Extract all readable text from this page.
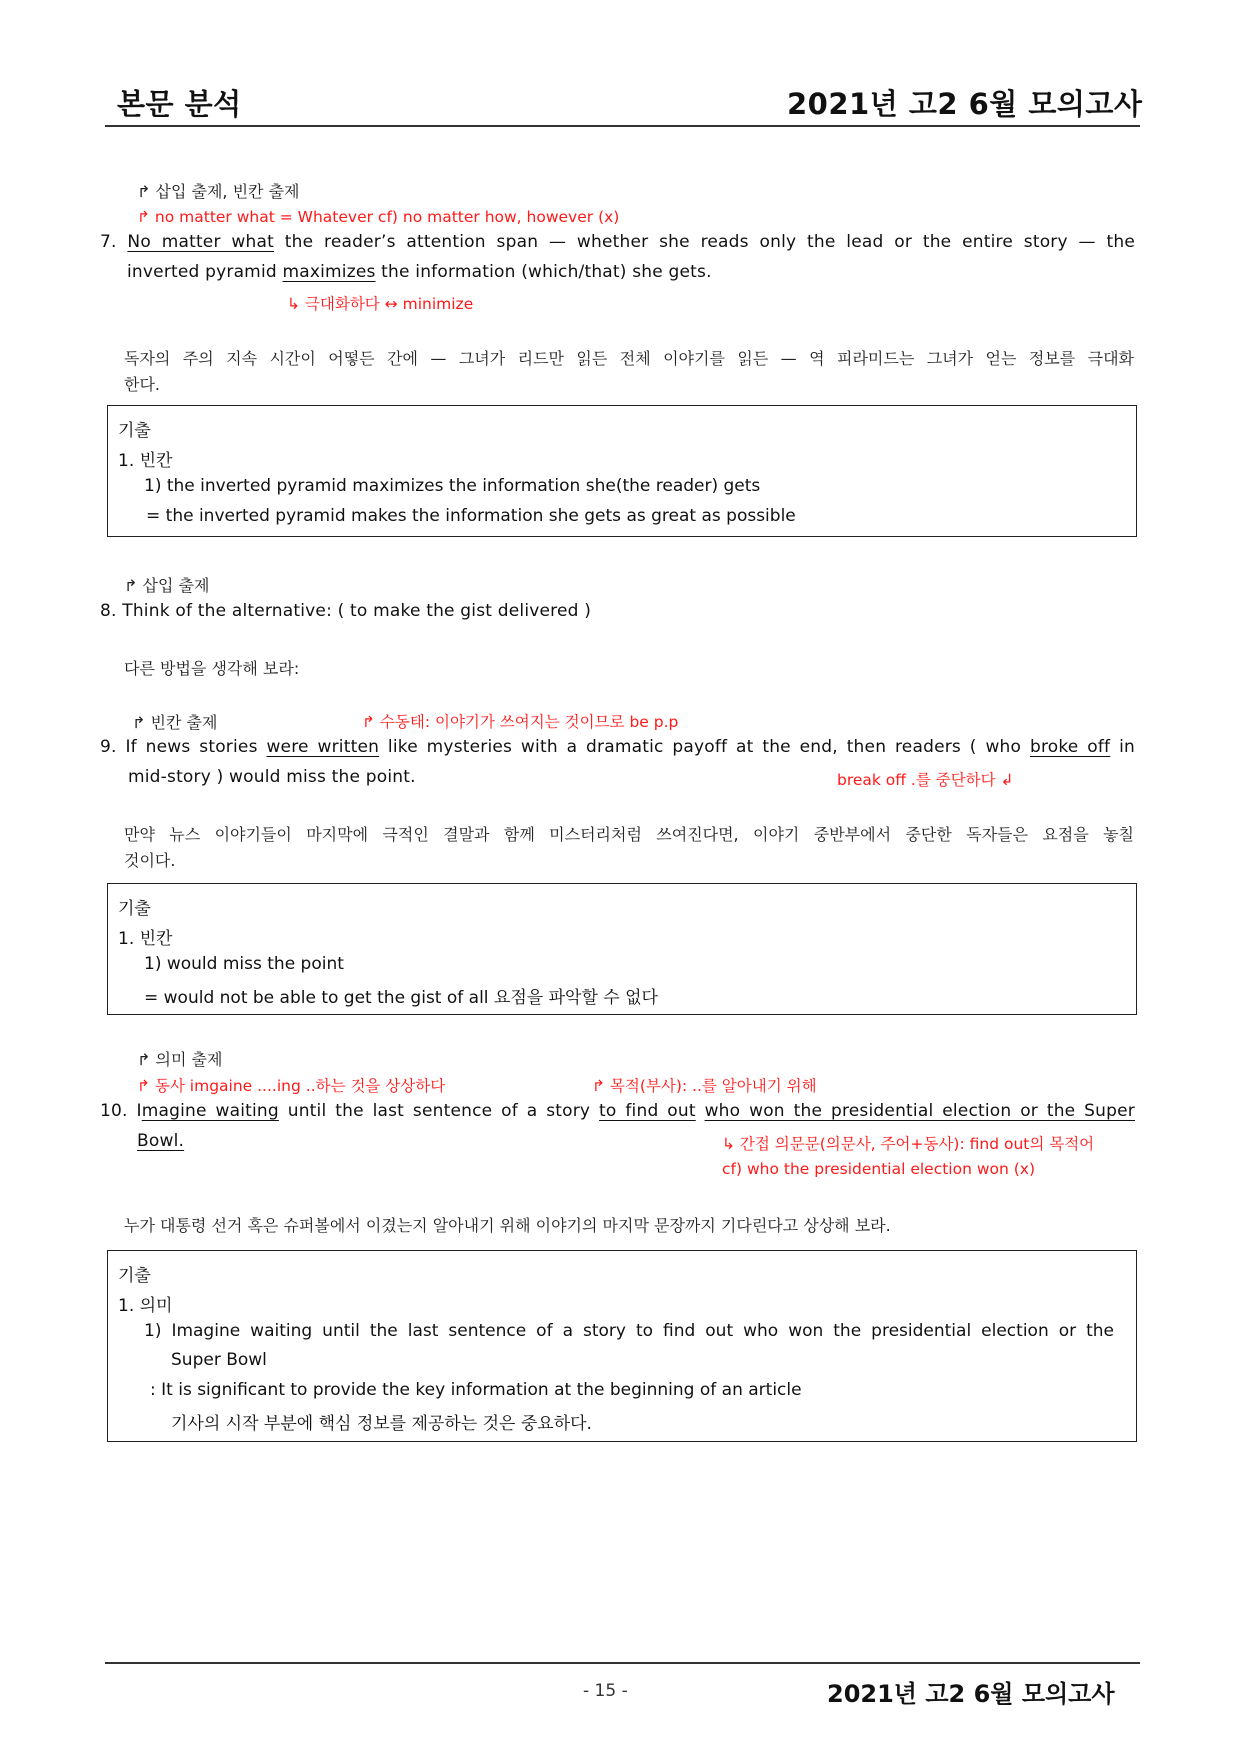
본문 분석	2021년 고2 6월 모의고사
↱ 삽입 출제, 빈칸 출제
↱ no matter what = Whatever cf) no matter how, however (x)
7. No matter what the reader’s attention span — whether she reads only the lead or the entire story — the
inverted pyramid maximizes the information (which/that) she gets.
↳ 극대화하다 ↔ minimize
독자의 주의 지속 시간이 어떻든 간에 — 그녀가 리드만 읽든 전체 이야기를 읽든 — 역 피라미드는 그녀가 얻는 정보를 극대화
한다.
기출
1. 빈칸
1) the inverted pyramid maximizes the information she(the reader) gets
= the inverted pyramid makes the information she gets as great as possible
↱ 삽입 출제
8. Think of the alternative: ( to make the gist delivered )
다른 방법을 생각해 보라:
↱ 빈칸 출제	↱ 수동태: 이야기가 쓰여지는 것이므로 be p.p
9. If news stories were written like mysteries with a dramatic payoff at the end, then readers ( who broke off in
mid-story ) would miss the point.	break off .를 중단하다 ↲
만약 뉴스 이야기들이 마지막에 극적인 결말과 함께 미스터리처럼 쓰여진다면, 이야기 중반부에서 중단한 독자들은 요점을 놓칠
것이다.
기출
1. 빈칸
1) would miss the point
= would not be able to get the gist of all 요점을 파악할 수 없다
↱ 의미 출제
↱ 동사 imgaine ....ing ..하는 것을 상상하다	↱ 목적(부사): ..를 알아내기 위해
10. Imagine waiting until the last sentence of a story to find out who won the presidential election or the Super
Bowl.	↳ 간접 의문문(의문사, 주어+동사): find out의 목적어
cf) who the presidential election won (x)
누가 대통령 선거 혹은 슈퍼볼에서 이겼는지 알아내기 위해 이야기의 마지막 문장까지 기다린다고 상상해 보라.
기출
1. 의미
1) Imagine waiting until the last sentence of a story to find out who won the presidential election or the
Super Bowl
: It is significant to provide the key information at the beginning of an article
기사의 시작 부분에 핵심 정보를 제공하는 것은 중요하다.
- 15 -	2021년 고2 6월 모의고사
